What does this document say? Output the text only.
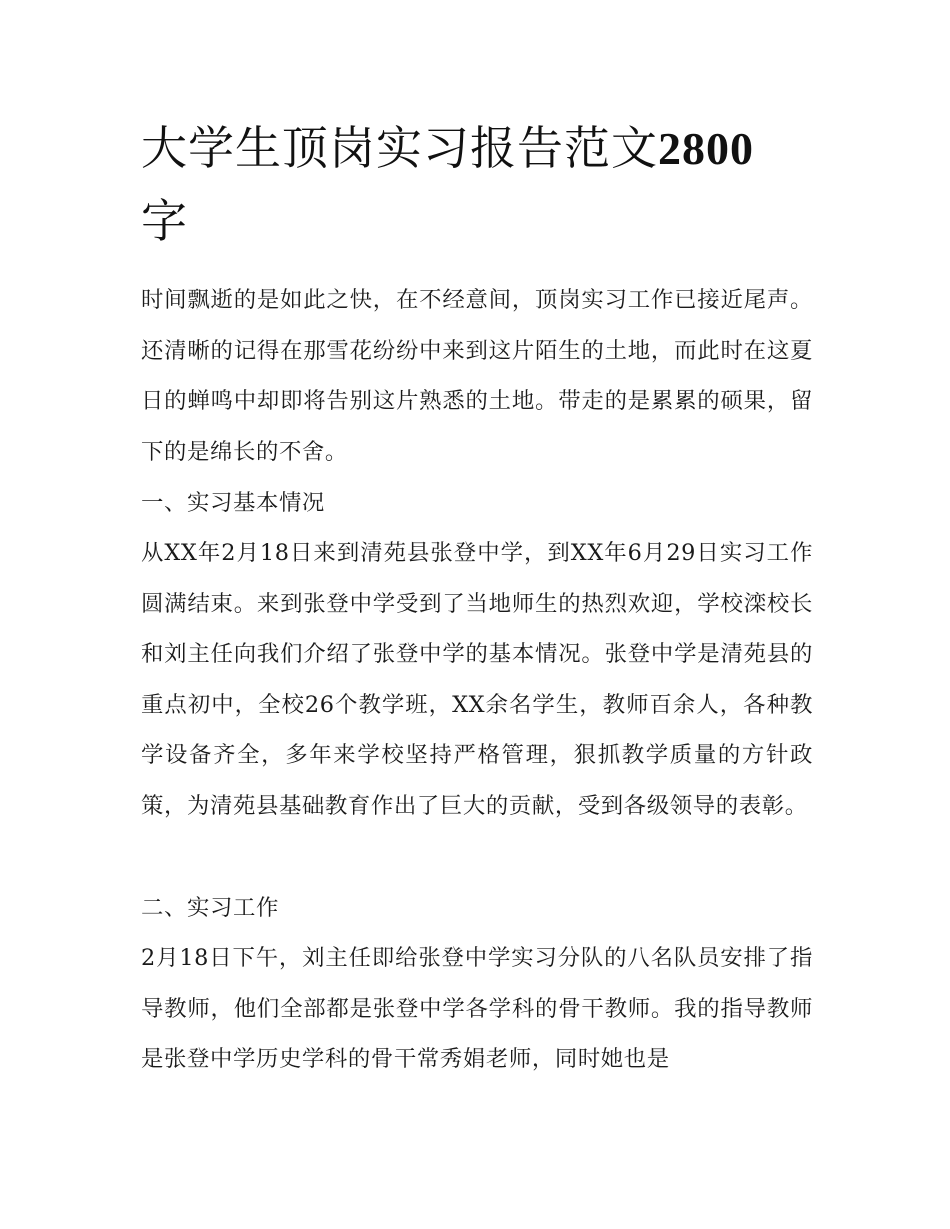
大学生顶岗实习报告范文2800
字

时间飘逝的是如此之快，在不经意间，顶岗实习工作已接近尾声。还清晰的记得在那雪花纷纷中来到这片陌生的土地，而此时在这夏日的蝉鸣中却即将告别这片熟悉的土地。带走的是累累的硕果，留下的是绵长的不舍。

一、实习基本情况

从XX年2月18日来到清苑县张登中学，到XX年6月29日实习工作圆满结束。来到张登中学受到了当地师生的热烈欢迎，学校滦校长和刘主任向我们介绍了张登中学的基本情况。张登中学是清苑县的重点初中，全校26个教学班，XX余名学生，教师百余人，各种教学设备齐全，多年来学校坚持严格管理，狠抓教学质量的方针政策，为清苑县基础教育作出了巨大的贡献，受到各级领导的表彰。

二、实习工作

2月18日下午，刘主任即给张登中学实习分队的八名队员安排了指导教师，他们全部都是张登中学各学科的骨干教师。我的指导教师是张登中学历史学科的骨干常秀娟老师，同时她也是
